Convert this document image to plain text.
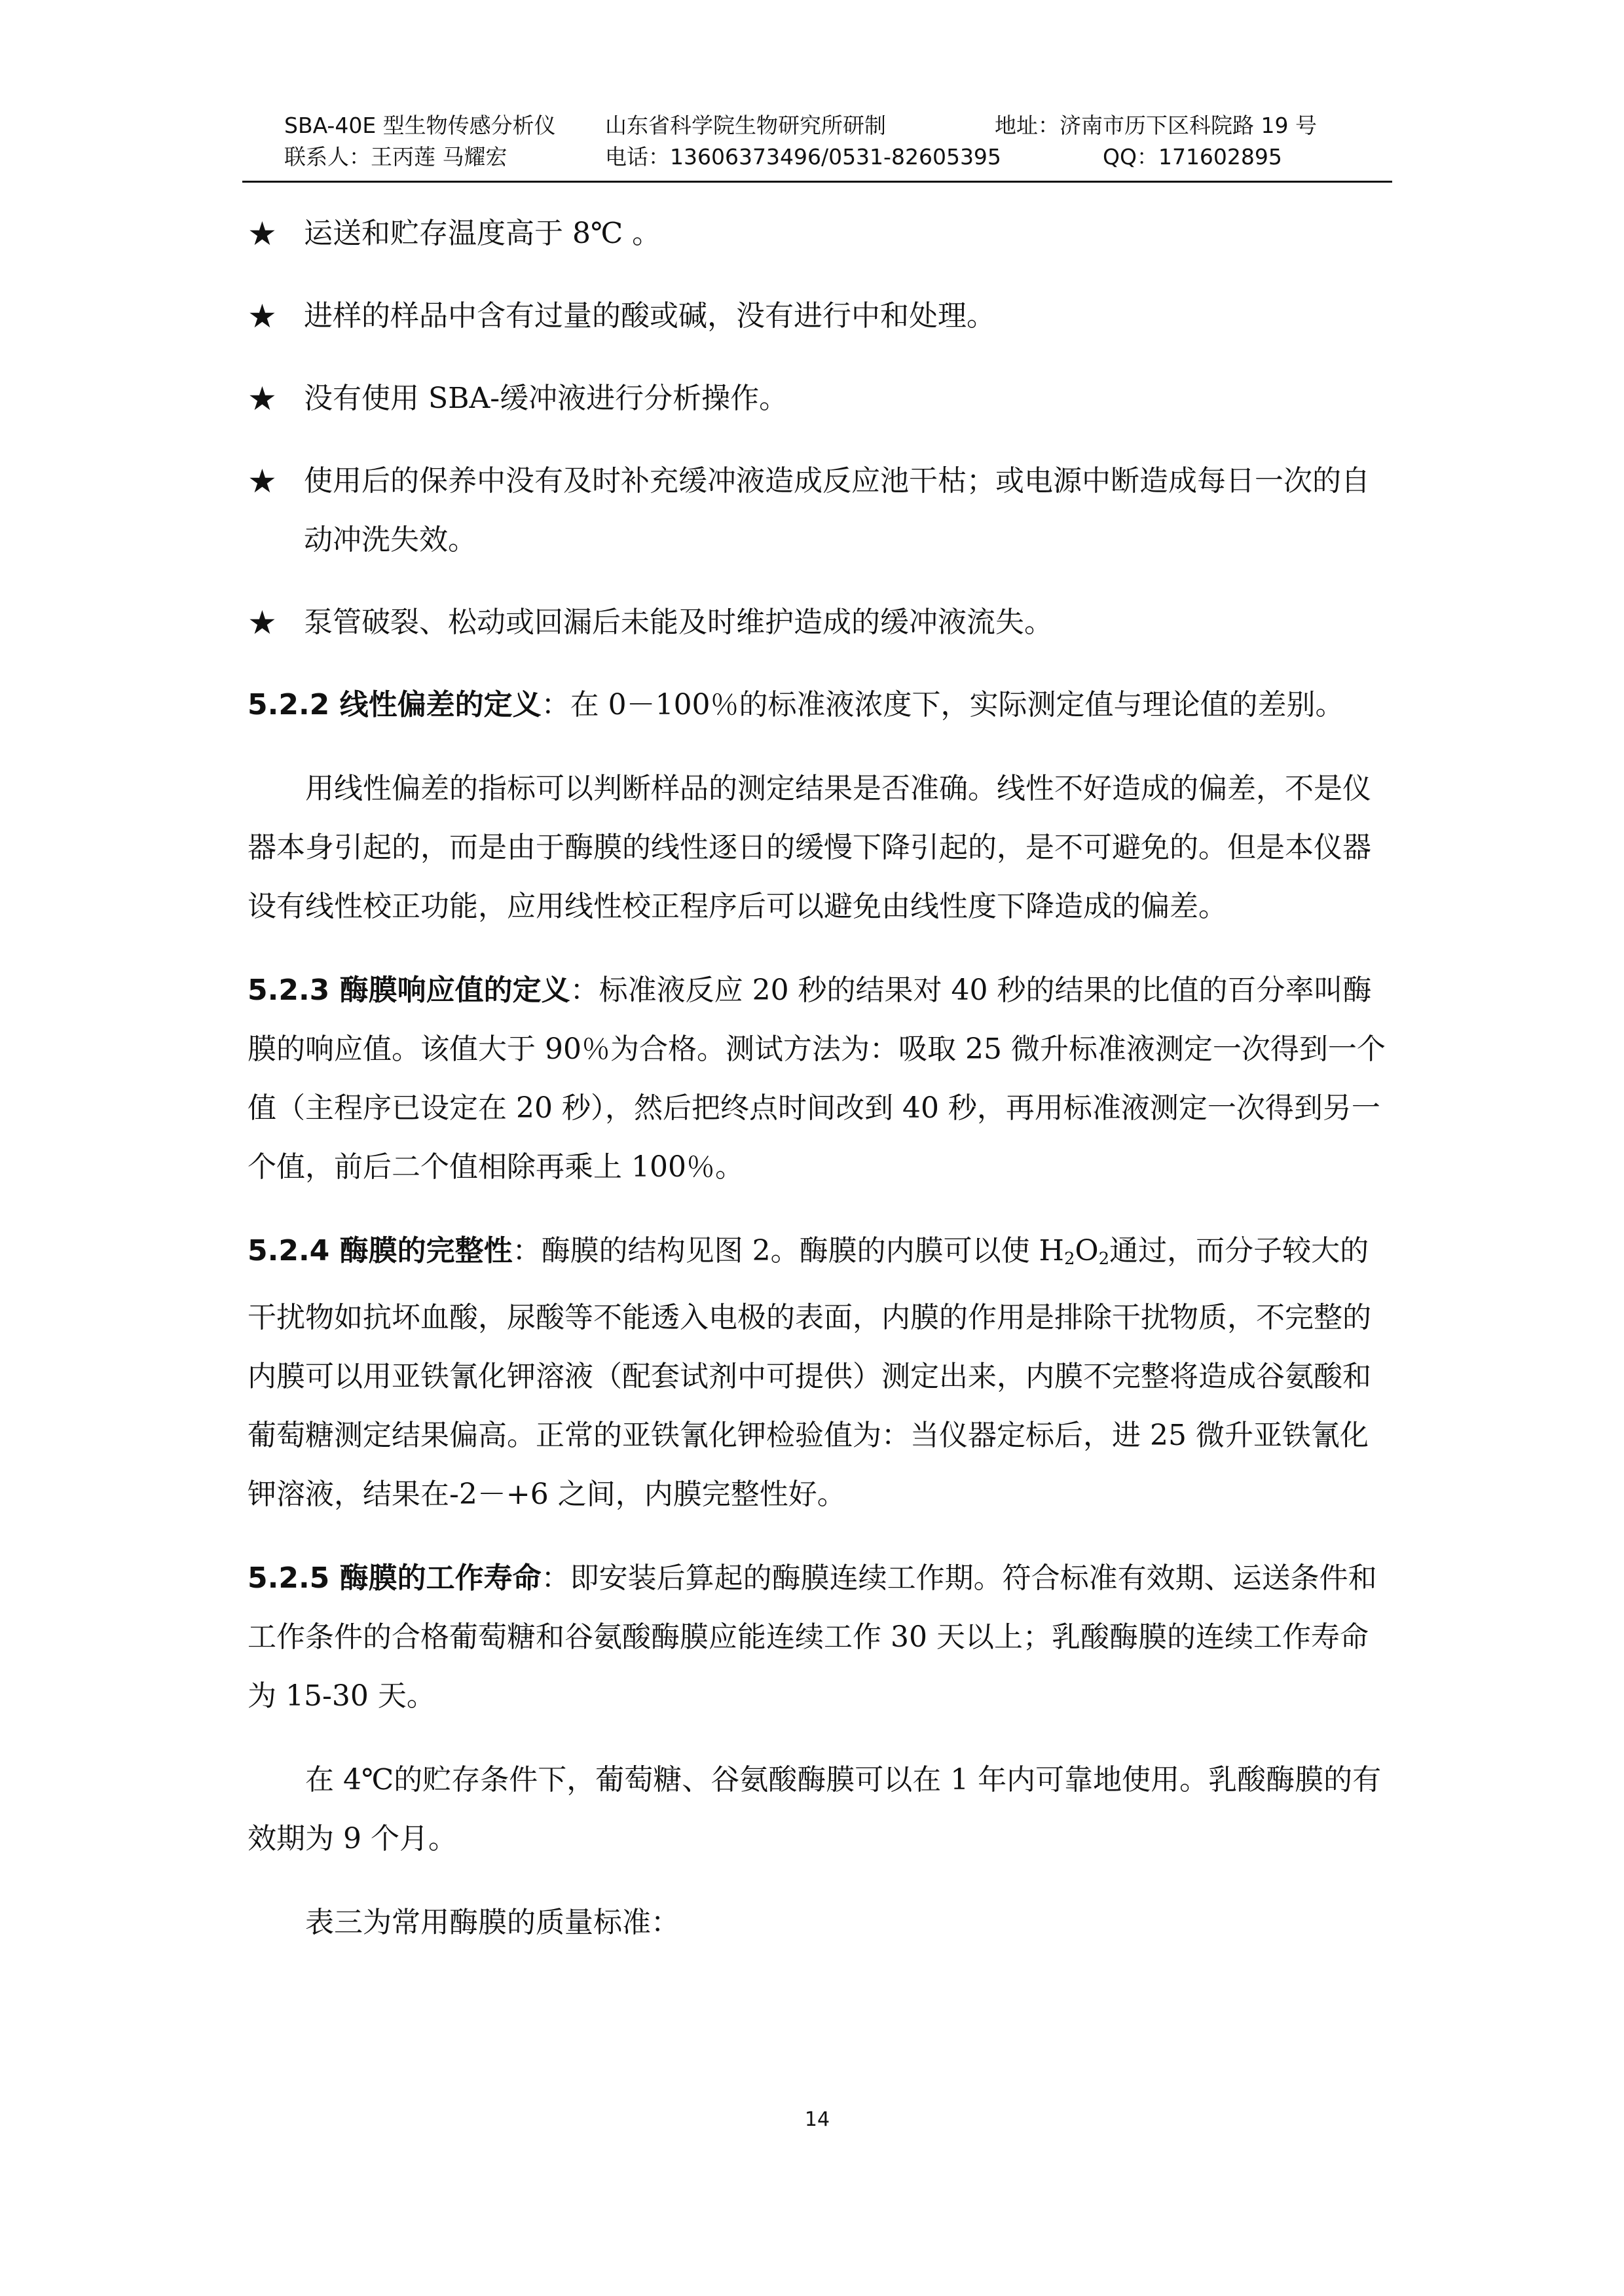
SBA-40E 型生物传感分析仪 山东省科学院生物研究所研制	地址：济南市历下区科院路 19 号
联系人：王丙莲 马耀宏	电话：13606373496/0531-82605395	QQ：171602895
★ 运送和贮存温度高于 8℃ 。
★ 进样的样品中含有过量的酸或碱，没有进行中和处理。
★ 没有使用 SBA-缓冲液进行分析操作。
★ 使用后的保养中没有及时补充缓冲液造成反应池干枯；或电源中断造成每日一次的自动冲洗失效。
★ 泵管破裂、松动或回漏后未能及时维护造成的缓冲液流失。
5.2.2 线性偏差的定义：在 0－100％的标准液浓度下，实际测定值与理论值的差别。
用线性偏差的指标可以判断样品的测定结果是否准确。线性不好造成的偏差，不是仪器本身引起的，而是由于酶膜的线性逐日的缓慢下降引起的，是不可避免的。但是本仪器设有线性校正功能，应用线性校正程序后可以避免由线性度下降造成的偏差。
5.2.3 酶膜响应值的定义：标准液反应 20 秒的结果对 40 秒的结果的比值的百分率叫酶膜的响应值。该值大于 90％为合格。测试方法为：吸取 25 微升标准液测定一次得到一个值（主程序已设定在 20 秒），然后把终点时间改到 40 秒，再用标准液测定一次得到另一个值，前后二个值相除再乘上 100％。
5.2.4 酶膜的完整性：酶膜的结构见图 2。酶膜的内膜可以使 $H_2O_2$通过，而分子较大的干扰物如抗坏血酸，尿酸等不能透入电极的表面，内膜的作用是排除干扰物质，不完整的内膜可以用亚铁氰化钾溶液（配套试剂中可提供）测定出来，内膜不完整将造成谷氨酸和葡萄糖测定结果偏高。正常的亚铁氰化钾检验值为：当仪器定标后，进 25 微升亚铁氰化钾溶液，结果在-2－+6 之间，内膜完整性好。
5.2.5 酶膜的工作寿命：即安装后算起的酶膜连续工作期。符合标准有效期、运送条件和工作条件的合格葡萄糖和谷氨酸酶膜应能连续工作 30 天以上；乳酸酶膜的连续工作寿命为 15-30 天。
在 4℃的贮存条件下，葡萄糖、谷氨酸酶膜可以在 1 年内可靠地使用。乳酸酶膜的有效期为 9 个月。
表三为常用酶膜的质量标准：
14
